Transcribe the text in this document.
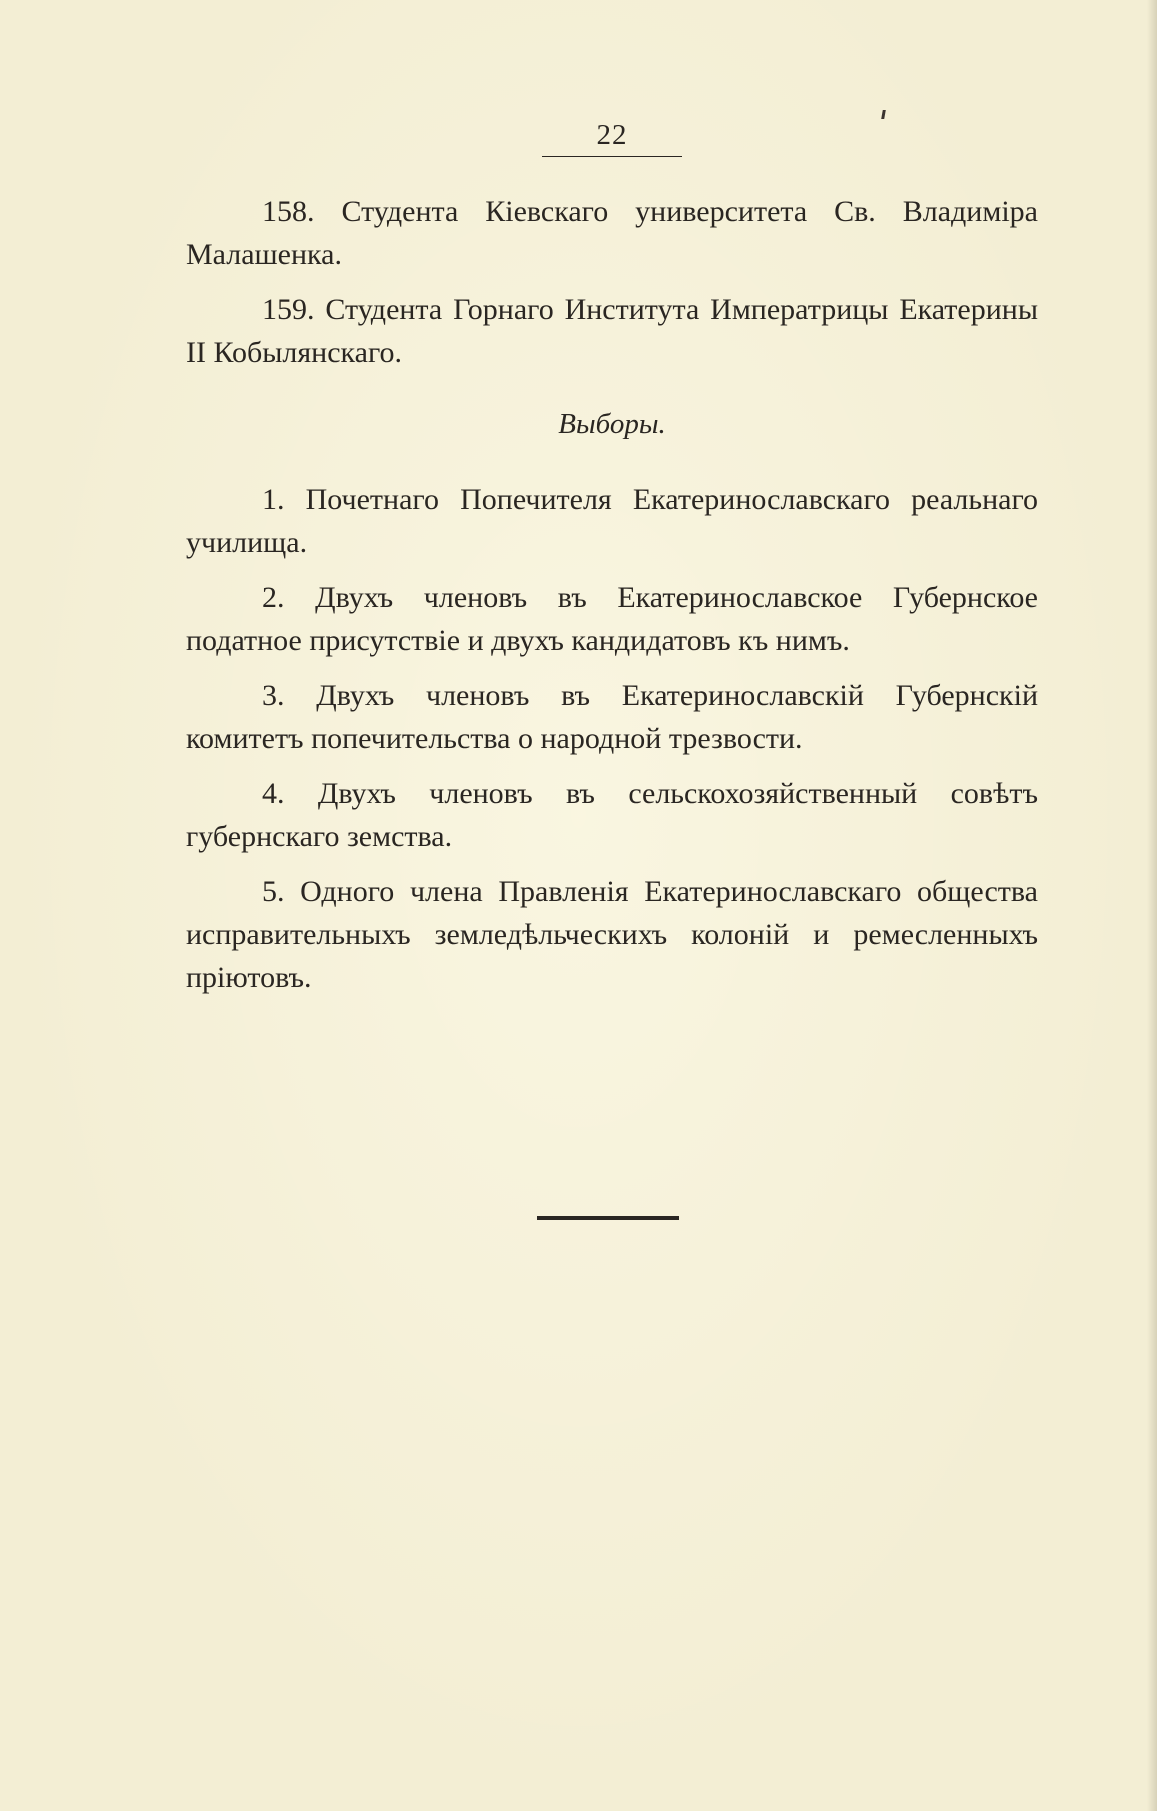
22

158. Студента Кіевскаго университета Св. Владиміра Малашенка.

159. Студента Горнаго Института Императрицы Екатерины II Кобылянскаго.

Выборы.

1. Почетнаго Попечителя Екатеринославскаго реальнаго училища.

2. Двухъ членовъ въ Екатеринославское Губернское податное присутствіе и двухъ кандидатовъ къ нимъ.

3. Двухъ членовъ въ Екатеринославскій Губернскій комитетъ попечительства о народной трезвости.

4. Двухъ членовъ въ сельскохозяйственный совѣтъ губернскаго земства.

5. Одного члена Правленія Екатеринославскаго общества исправительныхъ земледѣльческихъ колоній и ремесленныхъ пріютовъ.
